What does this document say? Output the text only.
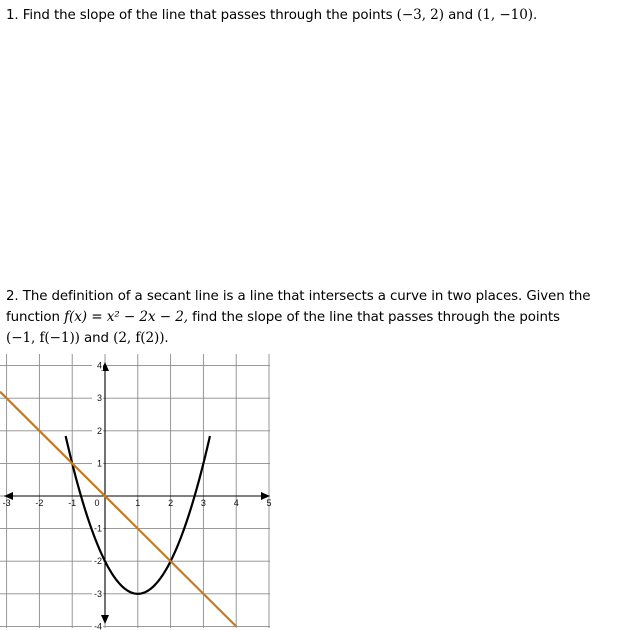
1. Find the slope of the line that passes through the points (−3, 2) and (1, −10).
2. The definition of a secant line is a line that intersects a curve in two places. Given the
function f(x) = x² − 2x − 2, find the slope of the line that passes through the points
(−1, f(−1)) and (2, f(2)).
-3	-2	-1 0	1	2	3	4	5
4
3
2
1
-1
-2
-3
-4
